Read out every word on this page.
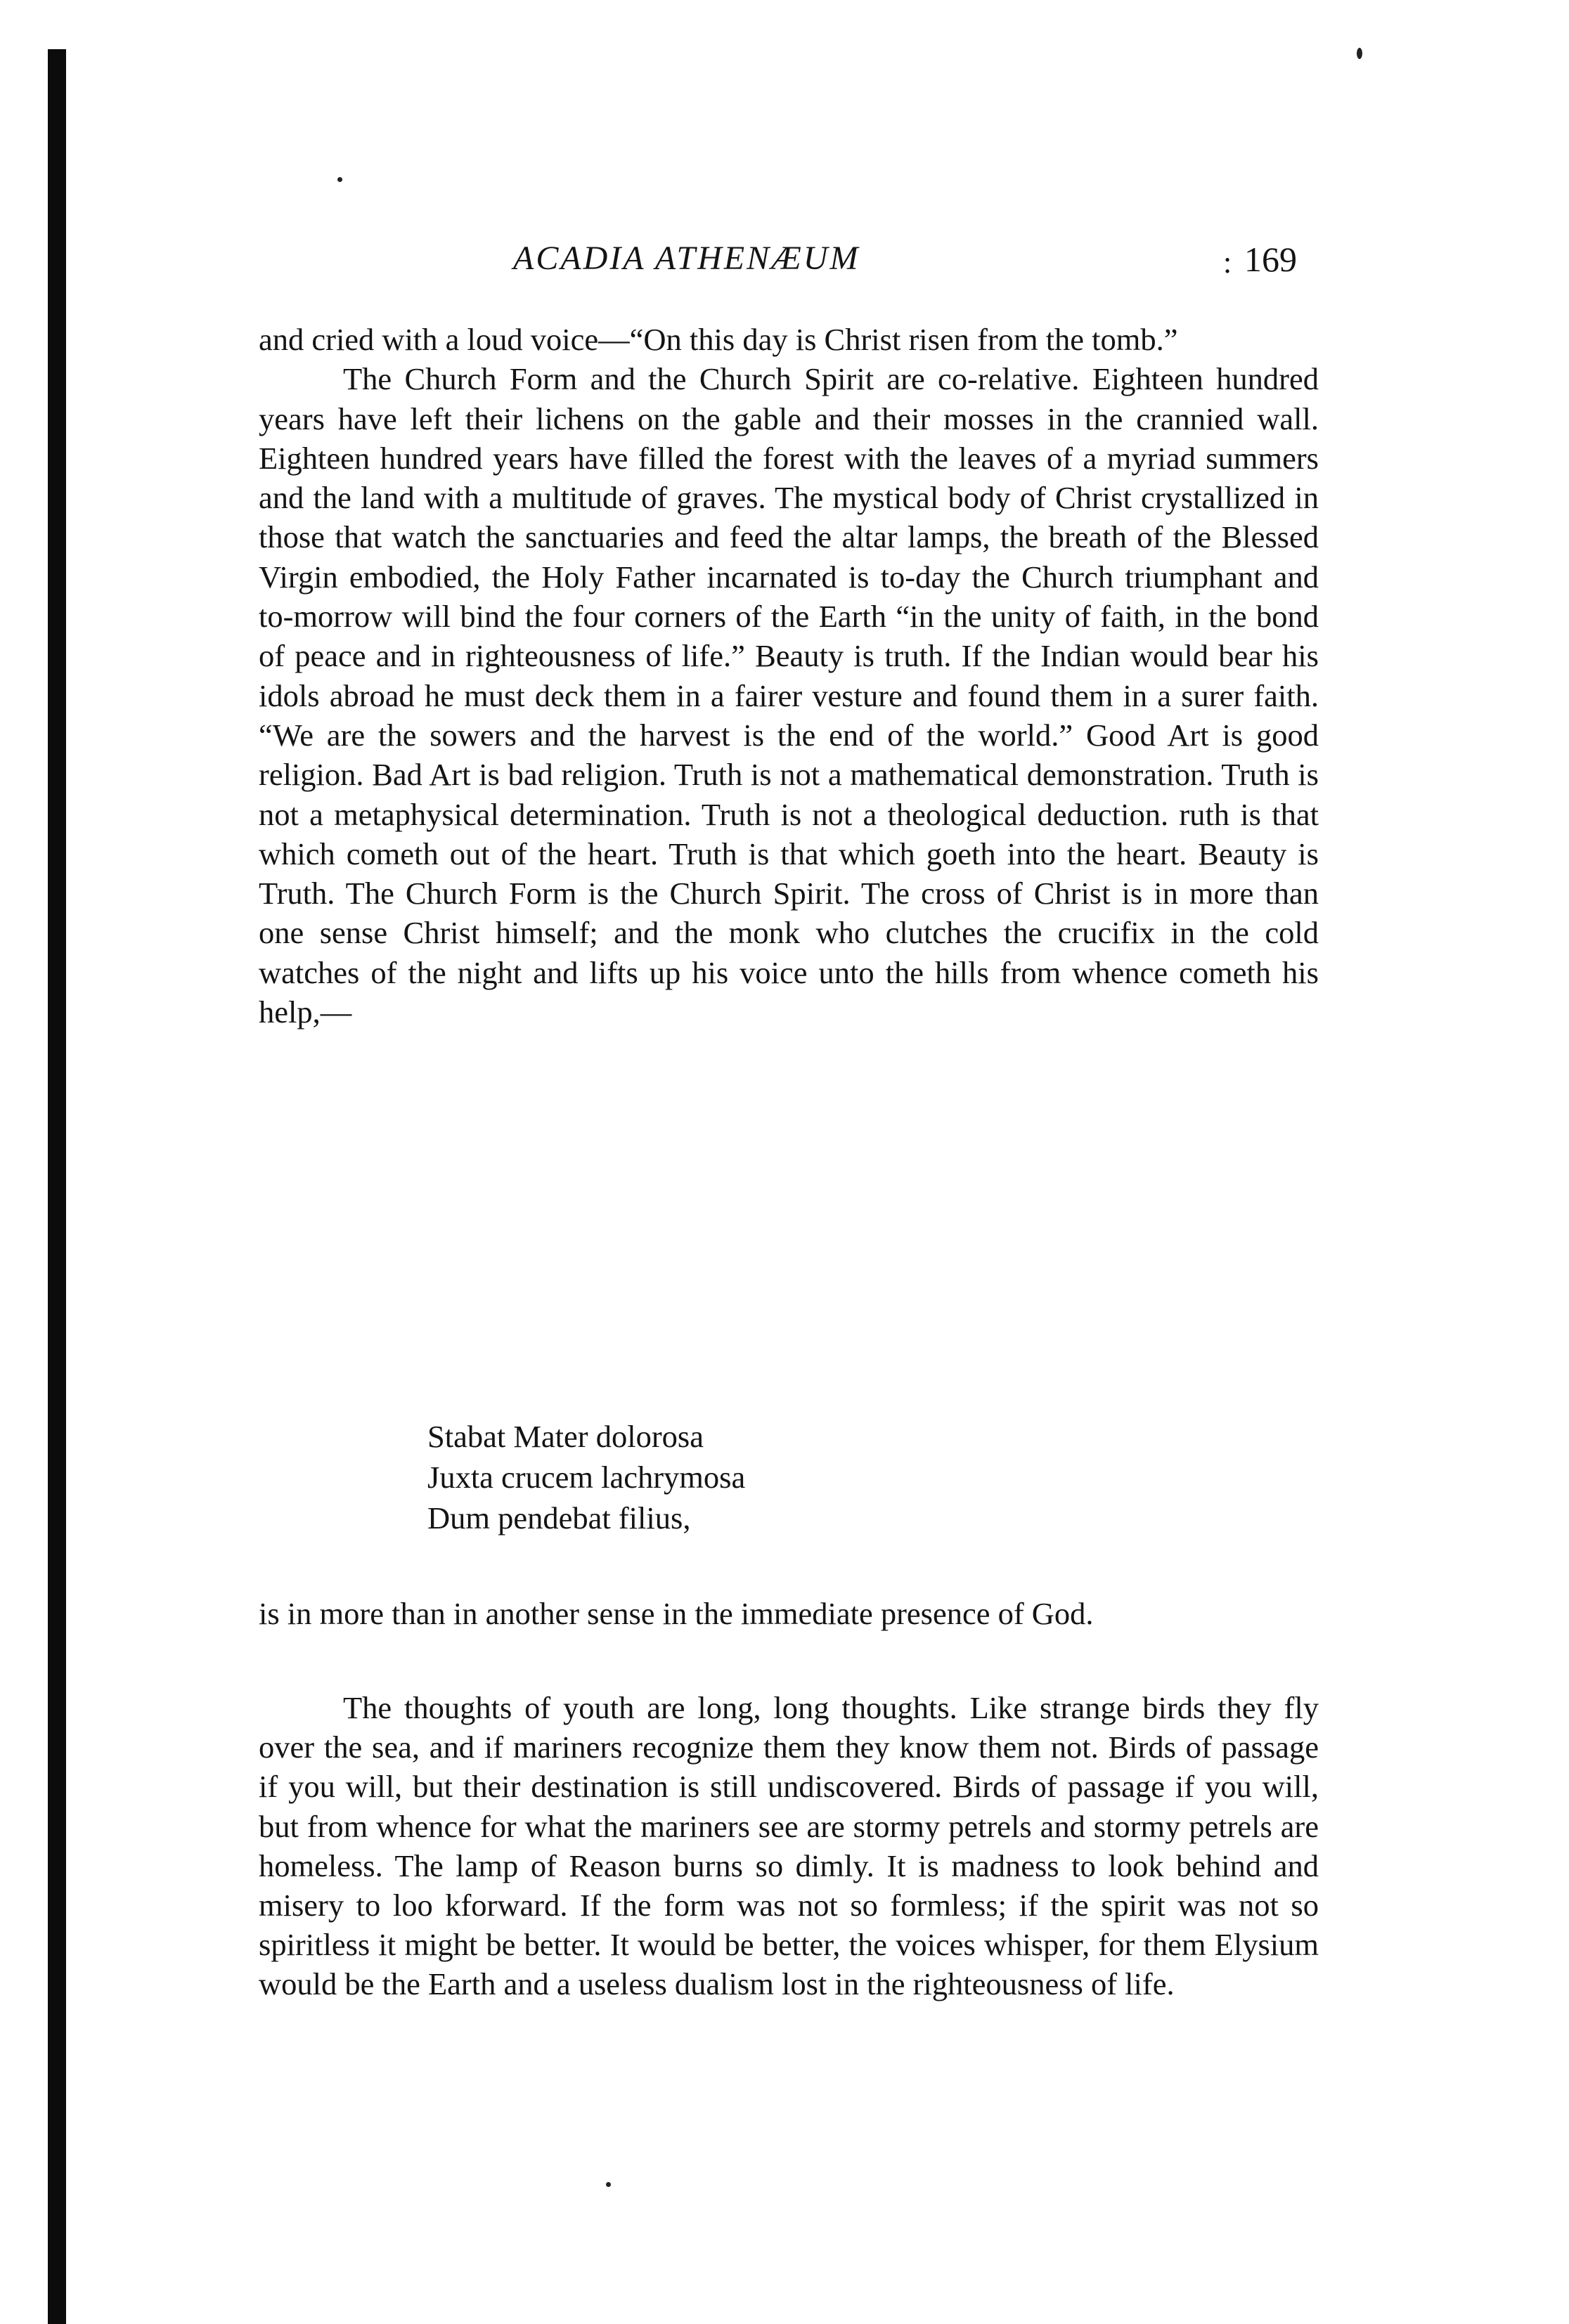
ACADIA ATHENÆUM	: 169

and cried with a loud voice—“On this day is Christ risen from the tomb.”

The Church Form and the Church Spirit are co-relative. Eighteen hundred years have left their lichens on the gable and their mosses in the crannied wall. Eighteen hundred years have filled the forest with the leaves of a myriad summers and the land with a multitude of graves. The mystical body of Christ crystallized in those that watch the sanctuaries and feed the altar lamps, the breath of the Blessed Virgin embodied, the Holy Father incarnated is to-day the Church triumphant and to-morrow will bind the four corners of the Earth “in the unity of faith, in the bond of peace and in righteousness of life.” Beauty is truth. If the Indian would bear his idols abroad he must deck them in a fairer vesture and found them in a surer faith. “We are the sowers and the harvest is the end of the world.” Good Art is good religion. Bad Art is bad religion. Truth is not a mathematical demonstration. Truth is not a metaphysical determination. Truth is not a theological deduction. ruth is that which cometh out of the heart. Truth is that which goeth into the heart. Beauty is Truth. The Church Form is the Church Spirit. The cross of Christ is in more than one sense Christ himself; and the monk who clutches the crucifix in the cold watches of the night and lifts up his voice unto the hills from whence cometh his help,—

Stabat Mater dolorosa
Juxta crucem lachrymosa
Dum pendebat filius,

is in more than in another sense in the immediate presence of God.

The thoughts of youth are long, long thoughts. Like strange birds they fly over the sea, and if mariners recognize them they know them not. Birds of passage if you will, but their destination is still undiscovered. Birds of passage if you will, but from whence for what the mariners see are stormy petrels and stormy petrels are homeless. The lamp of Reason burns so dimly. It is madness to look behind and misery to loo kforward. If the form was not so formless; if the spirit was not so spiritless it might be better. It would be better, the voices whisper, for them Elysium would be the Earth and a useless dualism lost in the righteousness of life.
